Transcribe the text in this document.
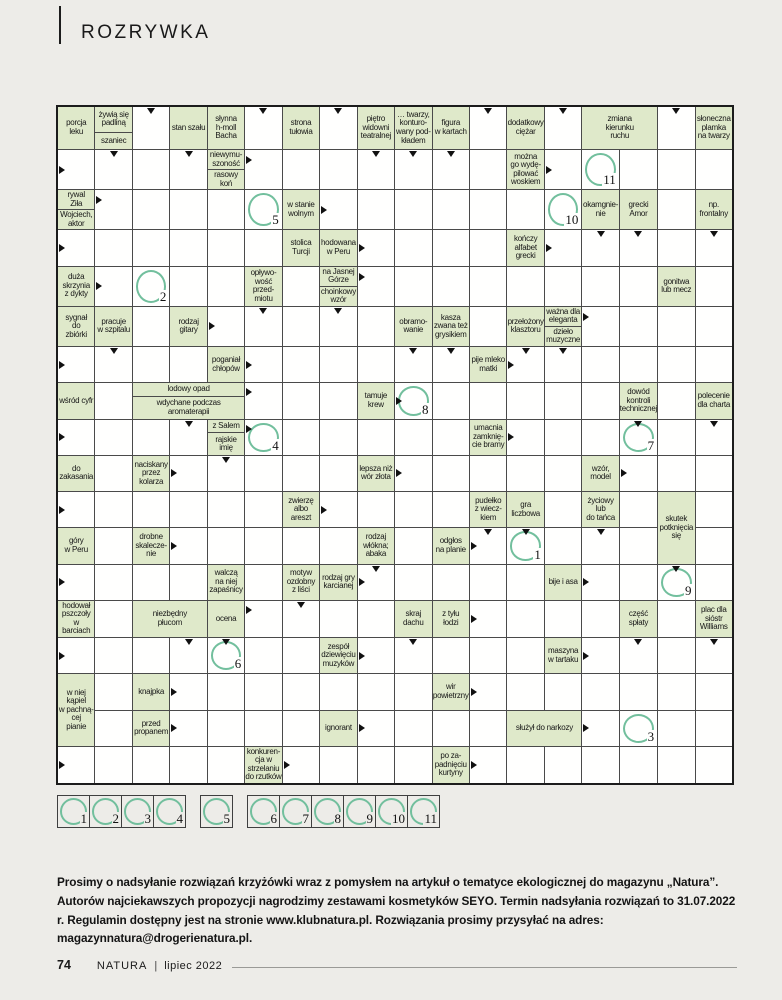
ROZRYWKA
porcja
leku
żywią się
padliną
szaniec
stan szału
słynna
h-moll
Bacha
strona
tułowia
piętro
widowni
teatralnej
… twarzy,
konturo-
wany pod-
kładem
figura
w kartach
dodatkowy
ciężar
zmiana
kierunku
ruchu
słoneczna
plamka
na twarzy
niewymu-
szoność
rasowy
koń
można
go wydę-
pilować
woskiem	11
rywal
Ziła
Wojciech,
aktor	5
w stanie
wolnym	10
okamgnie-
nie
grecki
Amor
np.
frontalny
stolica
Turcji
hodowana
w Peru
kończy
alfabet
grecki
duża
skrzynia
z dykty	2
opływo-
wość
przed-
miotu
na Jasnej
Górze
choinkowy
wzór
gonitwa
lub mecz
sygnał
do
zbiórki
pracuje
w szpitalu
rodzaj
gitary
obramo-
wanie
kasza
zwana też
grysikiem
przełożony
klasztoru
ważna dla
eleganta
dzieło
muzyczne
poganiał
chłopów
pije mleko
matki
wśród cyfr
lodowy opad
wdychane podczas
aromaterapii
tamuje
krew	8
dowód
kontroli
technicznej
polecenie
dla charta
z Salem
rajskie
imię	4
umacnia
zamknię-
cie bramy	7
do
zakasania
naciskany
przez
kolarza
lepsza niż
wór złota
wzór,
model
zwierzę
albo
areszt
pudełko
z wiecz-
kiem
gra
liczbowa
życiowy
lub
do tańca	skutek
potknięcia
się
góry
w Peru
drobne
skalecze-
nie
rodzaj
włókna;
abaka
odgłos
na planie	1
walczą
na niej
zapaśnicy
motyw
ozdobny
z liści
rodzaj gry
karcianej	bije i asa
9
hodował
pszczoły
w
barciach
niezbędny
płucom	ocena	skraj
dachu
z tyłu
łodzi
część
spłaty
plac dla
sióstr
Williams
6
zespół
dziewięciu
muzyków
maszyna
w tartaku
w niej
kąpiel
w pachną-
cej
pianie
knajpka	wir
powietrzny
przed
propanem	ignorant	służył do narkozy
3
konkuren-
cja w
strzelaniu
do rzutków
po za-
padnięciu
kurtyny
1 2 3 4	5	6 7 8 9 10 11

Prosimy o nadsyłanie rozwiązań krzyżówki wraz z pomysłem na artykuł o tematyce ekologicznej do magazynu „Natura”. Autorów najciekawszych propozycji nagrodzimy zestawami kosmetyków SEYO. Termin nadsyłania rozwiązań to 31.07.2022 r. Regulamin dostępny jest na stronie www.klubnatura.pl. Rozwiązania prosimy przysyłać na adres: magazynnatura@drogerienatura.pl.

74 NATURA | lipiec 2022
